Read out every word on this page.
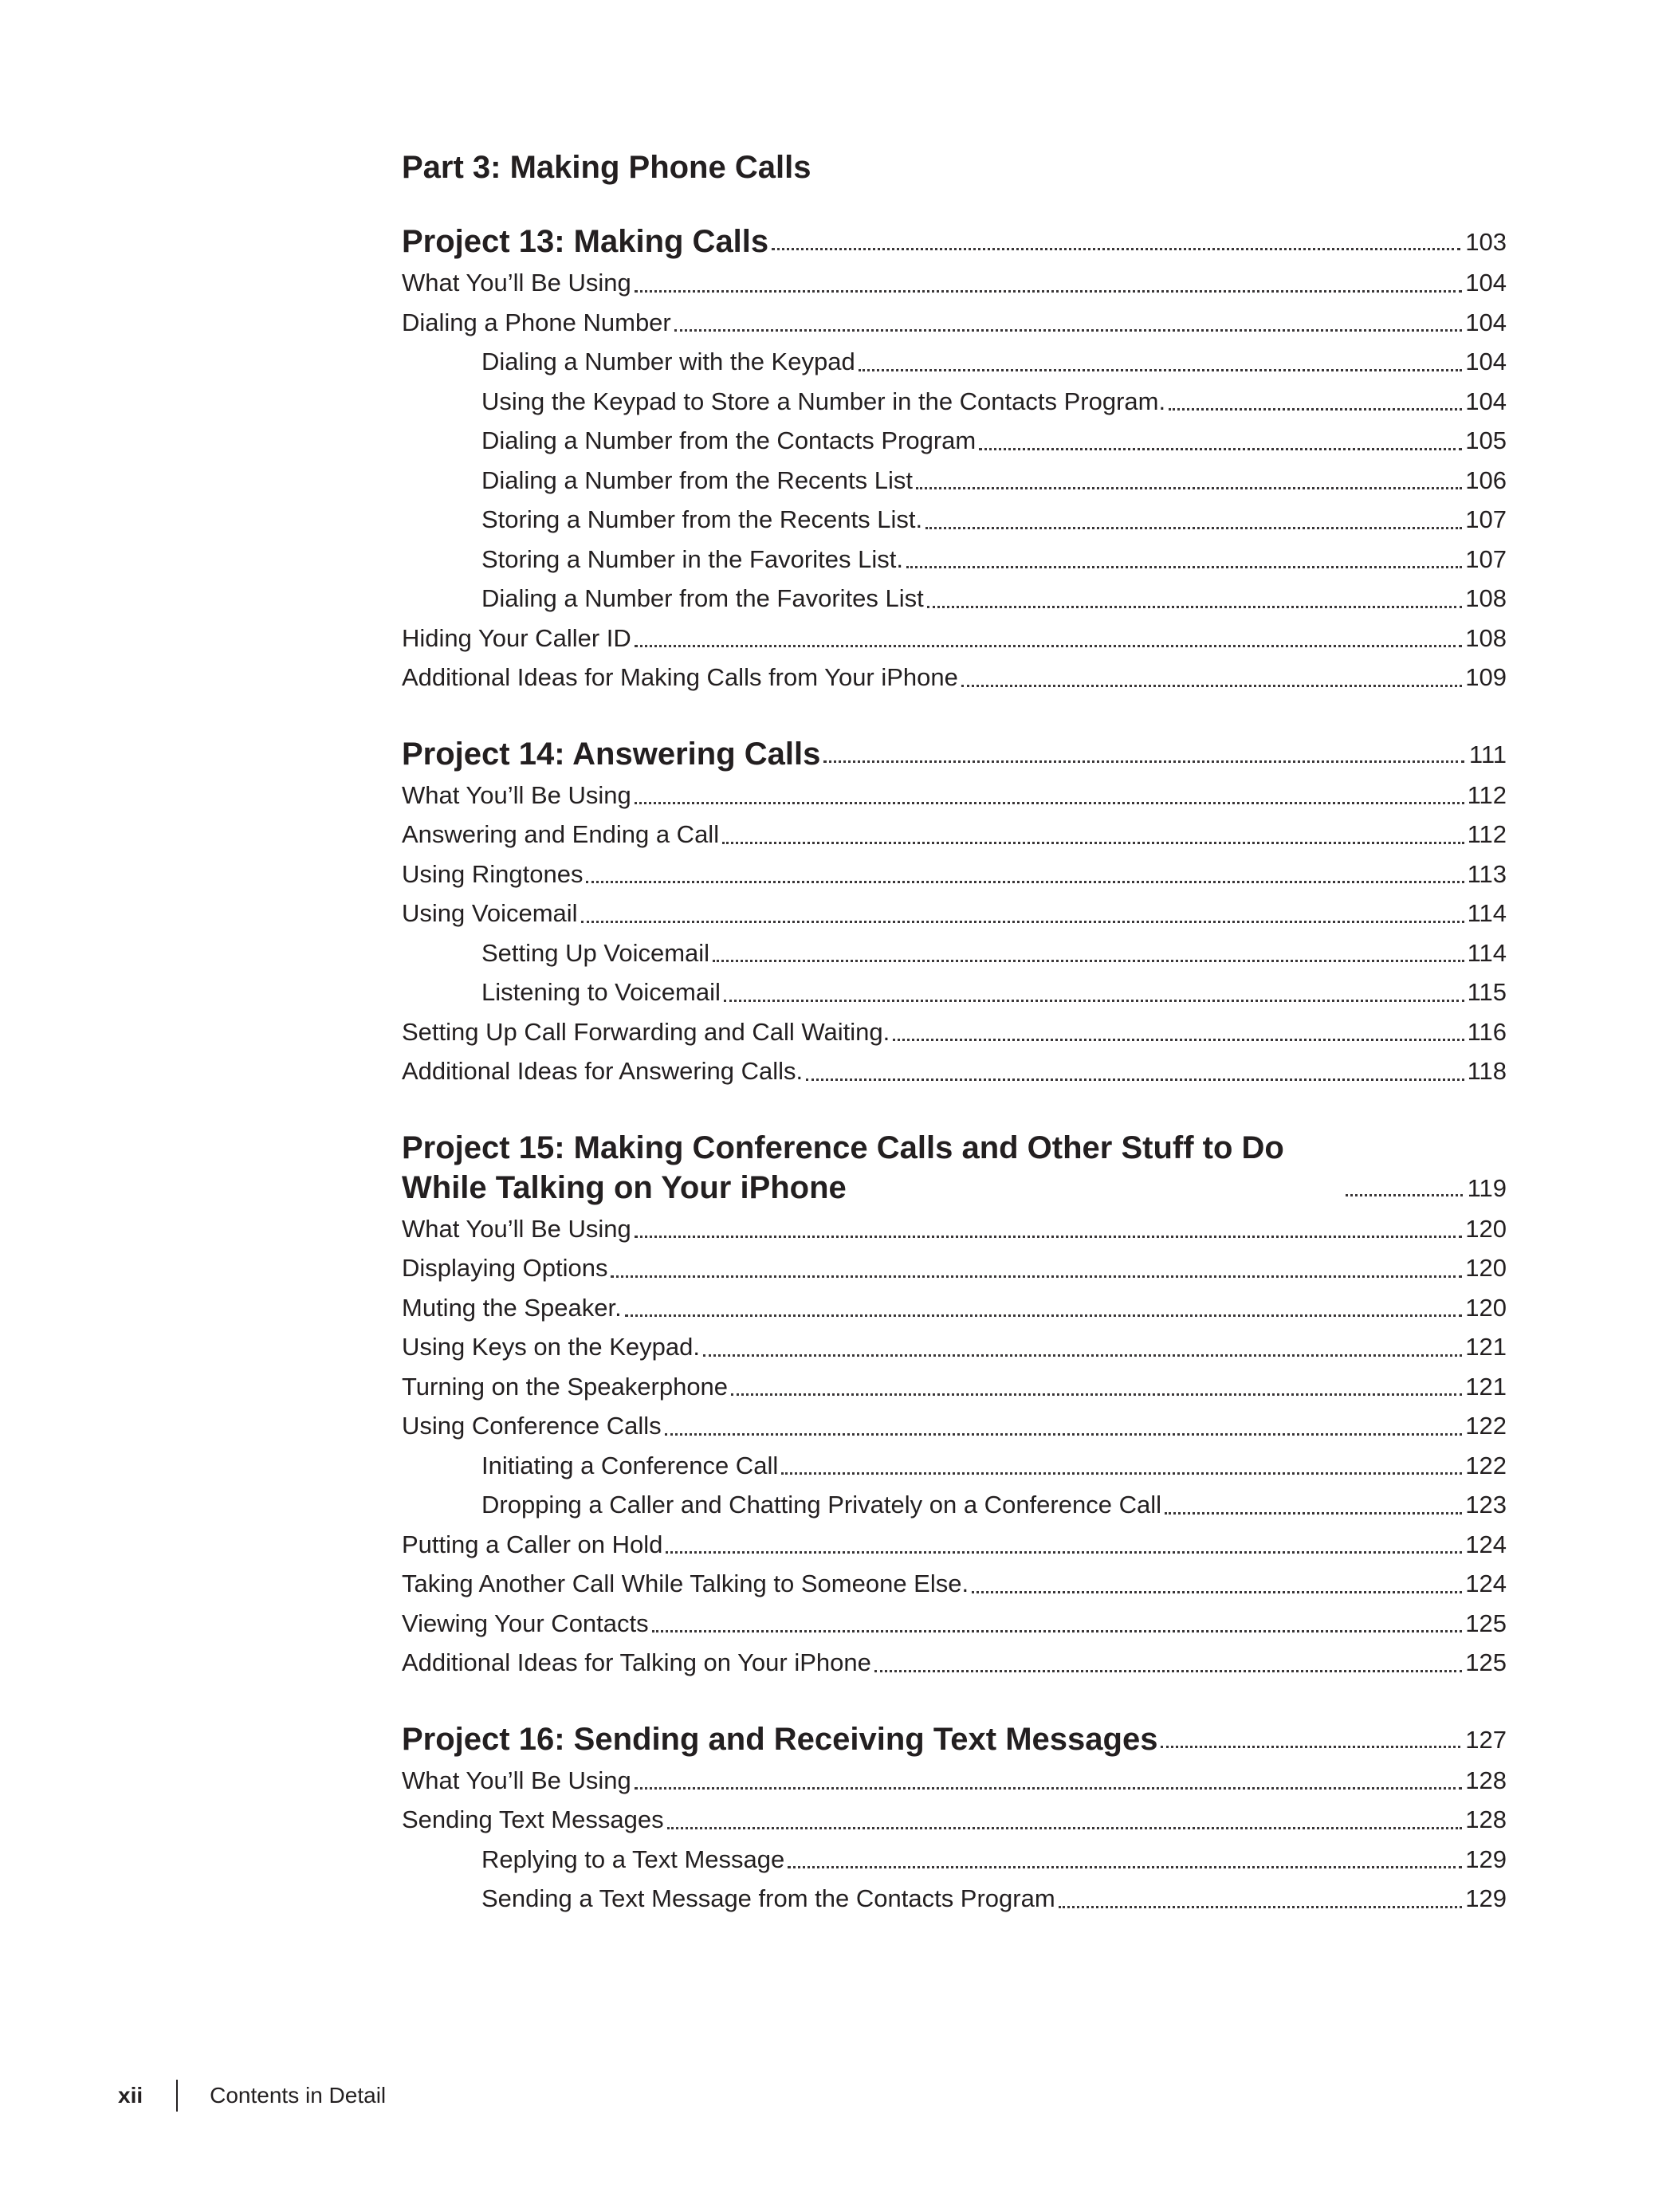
Part 3: Making Phone Calls
Project 13: Making Calls	103
What You’ll Be Using	104
Dialing a Phone Number	104
Dialing a Number with the Keypad	104
Using the Keypad to Store a Number in the Contacts Program.	104
Dialing a Number from the Contacts Program	105
Dialing a Number from the Recents List	106
Storing a Number from the Recents List.	107
Storing a Number in the Favorites List.	107
Dialing a Number from the Favorites List	108
Hiding Your Caller ID	108
Additional Ideas for Making Calls from Your iPhone	109
Project 14: Answering Calls	111
What You’ll Be Using	112
Answering and Ending a Call	112
Using Ringtones	113
Using Voicemail	114
Setting Up Voicemail	114
Listening to Voicemail	115
Setting Up Call Forwarding and Call Waiting.	116
Additional Ideas for Answering Calls.	118
Project 15: Making Conference Calls and Other Stuff to Do While Talking on Your iPhone	119
What You’ll Be Using	120
Displaying Options	120
Muting the Speaker.	120
Using Keys on the Keypad.	121
Turning on the Speakerphone	121
Using Conference Calls	122
Initiating a Conference Call	122
Dropping a Caller and Chatting Privately on a Conference Call	123
Putting a Caller on Hold	124
Taking Another Call While Talking to Someone Else.	124
Viewing Your Contacts	125
Additional Ideas for Talking on Your iPhone	125
Project 16: Sending and Receiving Text Messages	127
What You’ll Be Using	128
Sending Text Messages	128
Replying to a Text Message	129
Sending a Text Message from the Contacts Program	129
xii	Contents in Detail
